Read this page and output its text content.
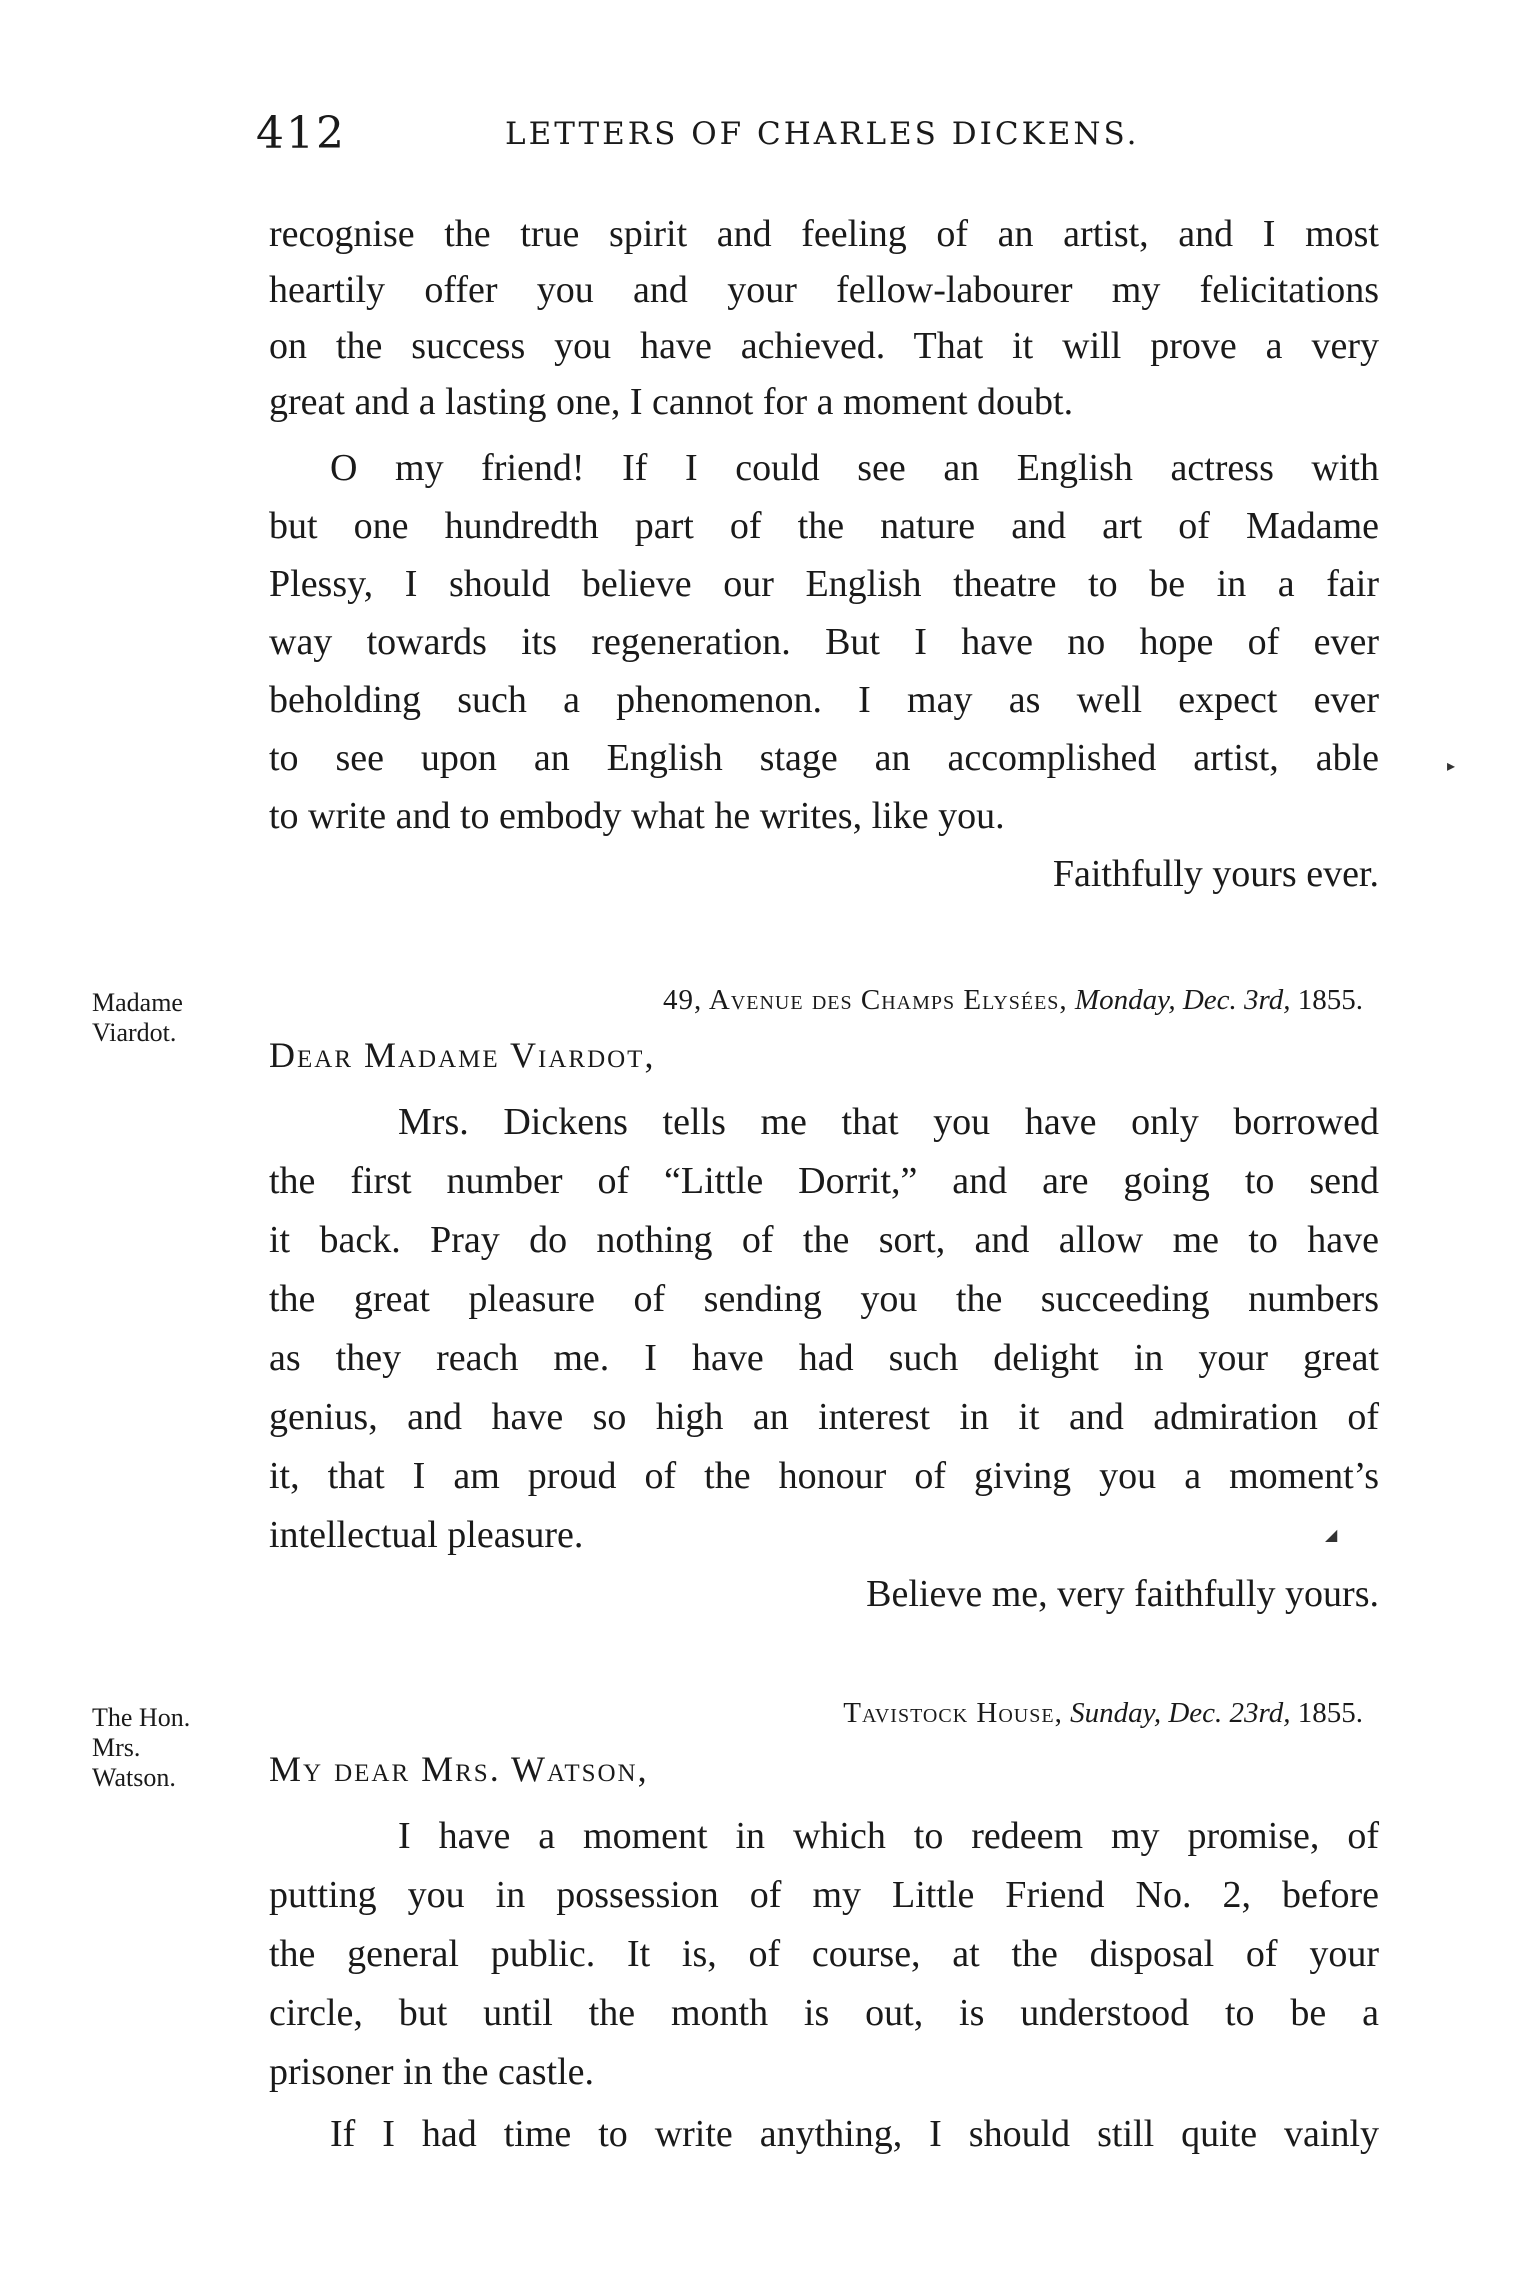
412	LETTERS OF CHARLES DICKENS.
recognise the true spirit and feeling of an artist, and I most
heartily offer you and your fellow-labourer my felicitations
on the success you have achieved. That it will prove a very
great and a lasting one, I cannot for a moment doubt.
O my friend! If I could see an English actress with
but one hundredth part of the nature and art of Madame
Plessy, I should believe our English theatre to be in a fair
way towards its regeneration. But I have no hope of ever
beholding such a phenomenon. I may as well expect ever
to see upon an English stage an accomplished artist, able
to write and to embody what he writes, like you.
Faithfully yours ever.
Madame
Viardot.
49, Avenue des Champs Elysées, Monday, Dec. 3rd, 1855.
Dear Madame Viardot,
Mrs. Dickens tells me that you have only borrowed
the first number of “Little Dorrit,” and are going to send
it back. Pray do nothing of the sort, and allow me to have
the great pleasure of sending you the succeeding numbers
as they reach me. I have had such delight in your great
genius, and have so high an interest in it and admiration of
it, that I am proud of the honour of giving you a moment’s
intellectual pleasure.
Believe me, very faithfully yours.
The Hon.
Mrs.
Watson.
Tavistock House, Sunday, Dec. 23rd, 1855.
My dear Mrs. Watson,
I have a moment in which to redeem my promise, of
putting you in possession of my Little Friend No. 2, before
the general public. It is, of course, at the disposal of your
circle, but until the month is out, is understood to be a
prisoner in the castle.
If I had time to write anything, I should still quite vainly
▸
◢
